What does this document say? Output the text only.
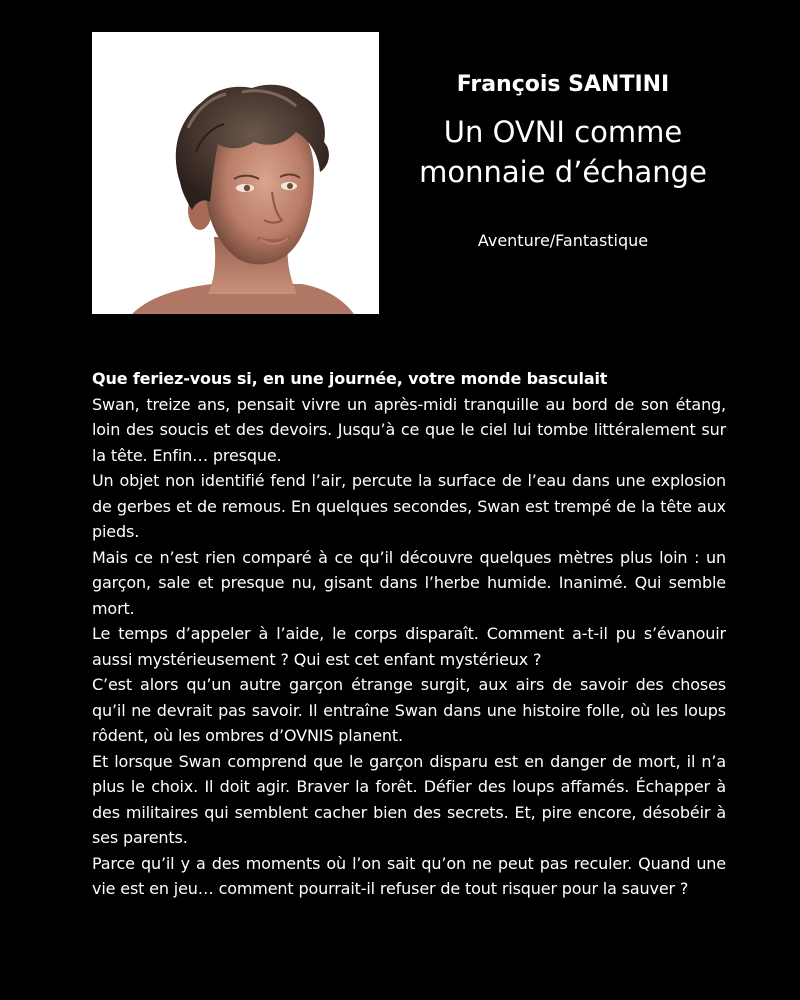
François SANTINI

Un OVNI comme
monnaie d’échange

Aventure/Fantastique

Que feriez-vous si, en une journée, votre monde basculait

Swan, treize ans, pensait vivre un après-midi tranquille au bord de son étang, loin des soucis et des devoirs. Jusqu’à ce que le ciel lui tombe littéralement sur la tête. Enfin… presque.

Un objet non identifié fend l’air, percute la surface de l’eau dans une explosion de gerbes et de remous. En quelques secondes, Swan est trempé de la tête aux pieds.

Mais ce n’est rien comparé à ce qu’il découvre quelques mètres plus loin : un garçon, sale et presque nu, gisant dans l’herbe humide. Inanimé. Qui semble mort.

Le temps d’appeler à l’aide, le corps disparaît. Comment a-t-il pu s’évanouir aussi mystérieusement ? Qui est cet enfant mystérieux ?

C’est alors qu’un autre garçon étrange surgit, aux airs de savoir des choses qu’il ne devrait pas savoir. Il entraîne Swan dans une histoire folle, où les loups rôdent, où les ombres d’OVNIS planent.

Et lorsque Swan comprend que le garçon disparu est en danger de mort, il n’a plus le choix. Il doit agir. Braver la forêt. Défier des loups affamés. Échapper à des militaires qui semblent cacher bien des secrets. Et, pire encore, désobéir à ses parents.

Parce qu’il y a des moments où l’on sait qu’on ne peut pas reculer. Quand une vie est en jeu… comment pourrait-il refuser de tout risquer pour la sauver ?
